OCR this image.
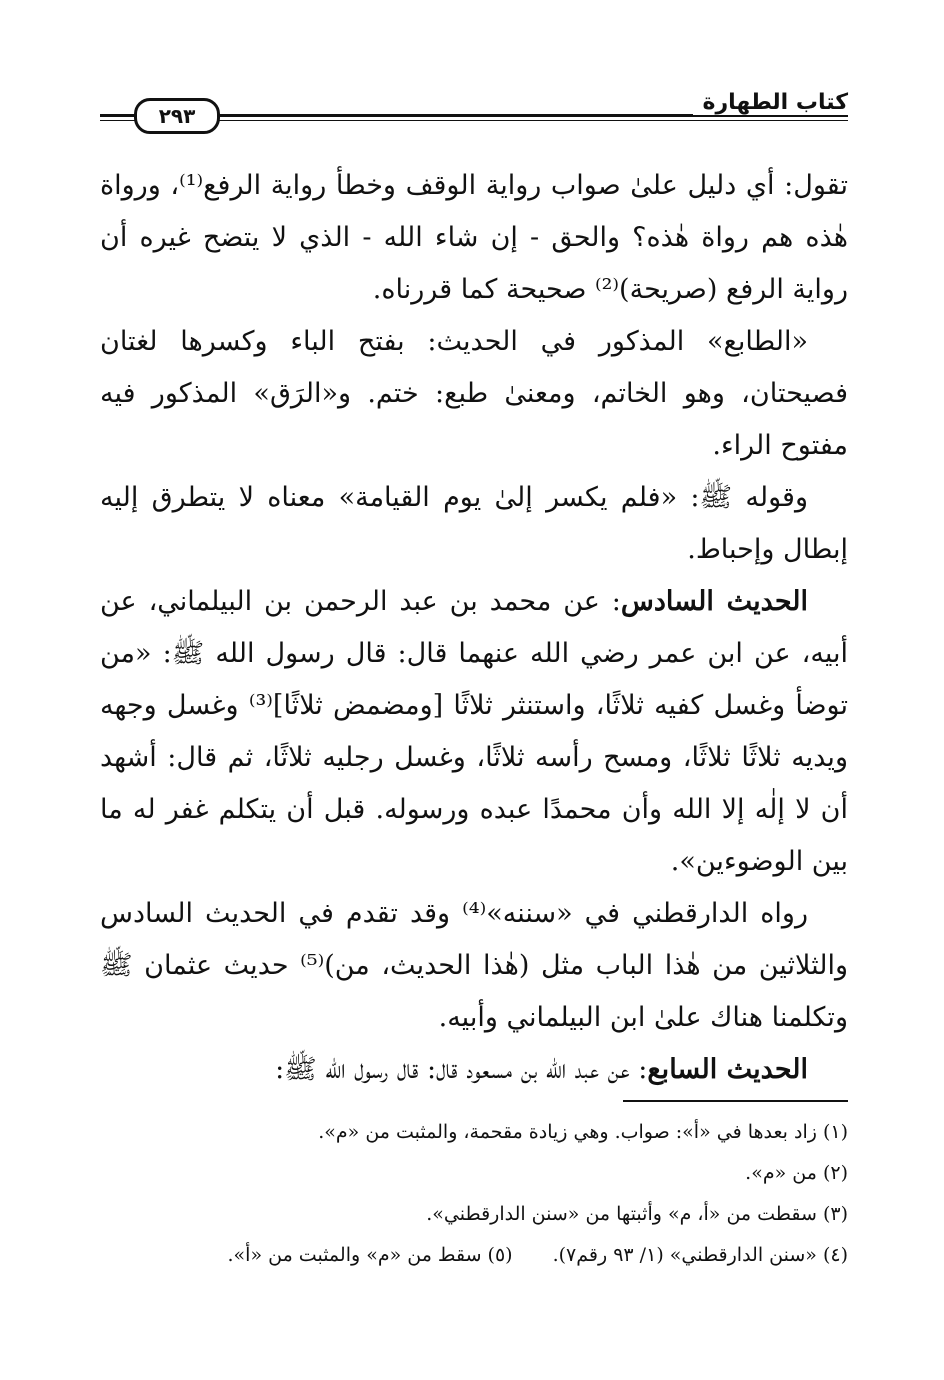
كتاب الطهارة
٢٩٣

تقول: أي دليل علىٰ صواب رواية الوقف وخطأ رواية الرفع⁽¹⁾، ورواة هٰذه هم رواة هٰذه؟ والحق - إن شاء الله - الذي لا يتضح غيره أن رواية الرفع (صريحة)⁽²⁾ صحيحة كما قررناه.

«الطابع» المذكور في الحديث: بفتح الباء وكسرها لغتان فصيحتان، وهو الخاتم، ومعنىٰ طبع: ختم. و«الرَق» المذكور فيه مفتوح الراء.

وقوله ﷺ: «فلم يكسر إلىٰ يوم القيامة» معناه لا يتطرق إليه إبطال وإحباط.

الحديث السادس: عن محمد بن عبد الرحمن بن البيلماني، عن أبيه، عن ابن عمر رضي الله عنهما قال: قال رسول الله ﷺ: «من توضأ وغسل كفيه ثلاثًا، واستنثر ثلاثًا [ومضمض ثلاثًا]⁽³⁾ وغسل وجهه ويديه ثلاثًا ثلاثًا، ومسح رأسه ثلاثًا، وغسل رجليه ثلاثًا، ثم قال: أشهد أن لا إلٰه إلا الله وأن محمدًا عبده ورسوله. قبل أن يتكلم غفر له ما بين الوضوءين».

رواه الدارقطني في «سننه»⁽⁴⁾ وقد تقدم في الحديث السادس والثلاثين من هٰذا الباب مثل (هٰذا الحديث، من)⁽⁵⁾ حديث عثمان ﷺ وتكلمنا هناك علىٰ ابن البيلماني وأبيه.

الحديث السابع: عن عبد الله بن مسعود قال: قال رسول الله ﷺ:

(١) زاد بعدها في «أ»: صواب. وهي زيادة مقحمة، والمثبت من «م».
(٢) من «م».
(٣) سقطت من «أ، م» وأثبتها من «سنن الدارقطني».
(٤) «سنن الدارقطني» (١/ ٩٣ رقم٧).
(٥) سقط من «م» والمثبت من «أ».
